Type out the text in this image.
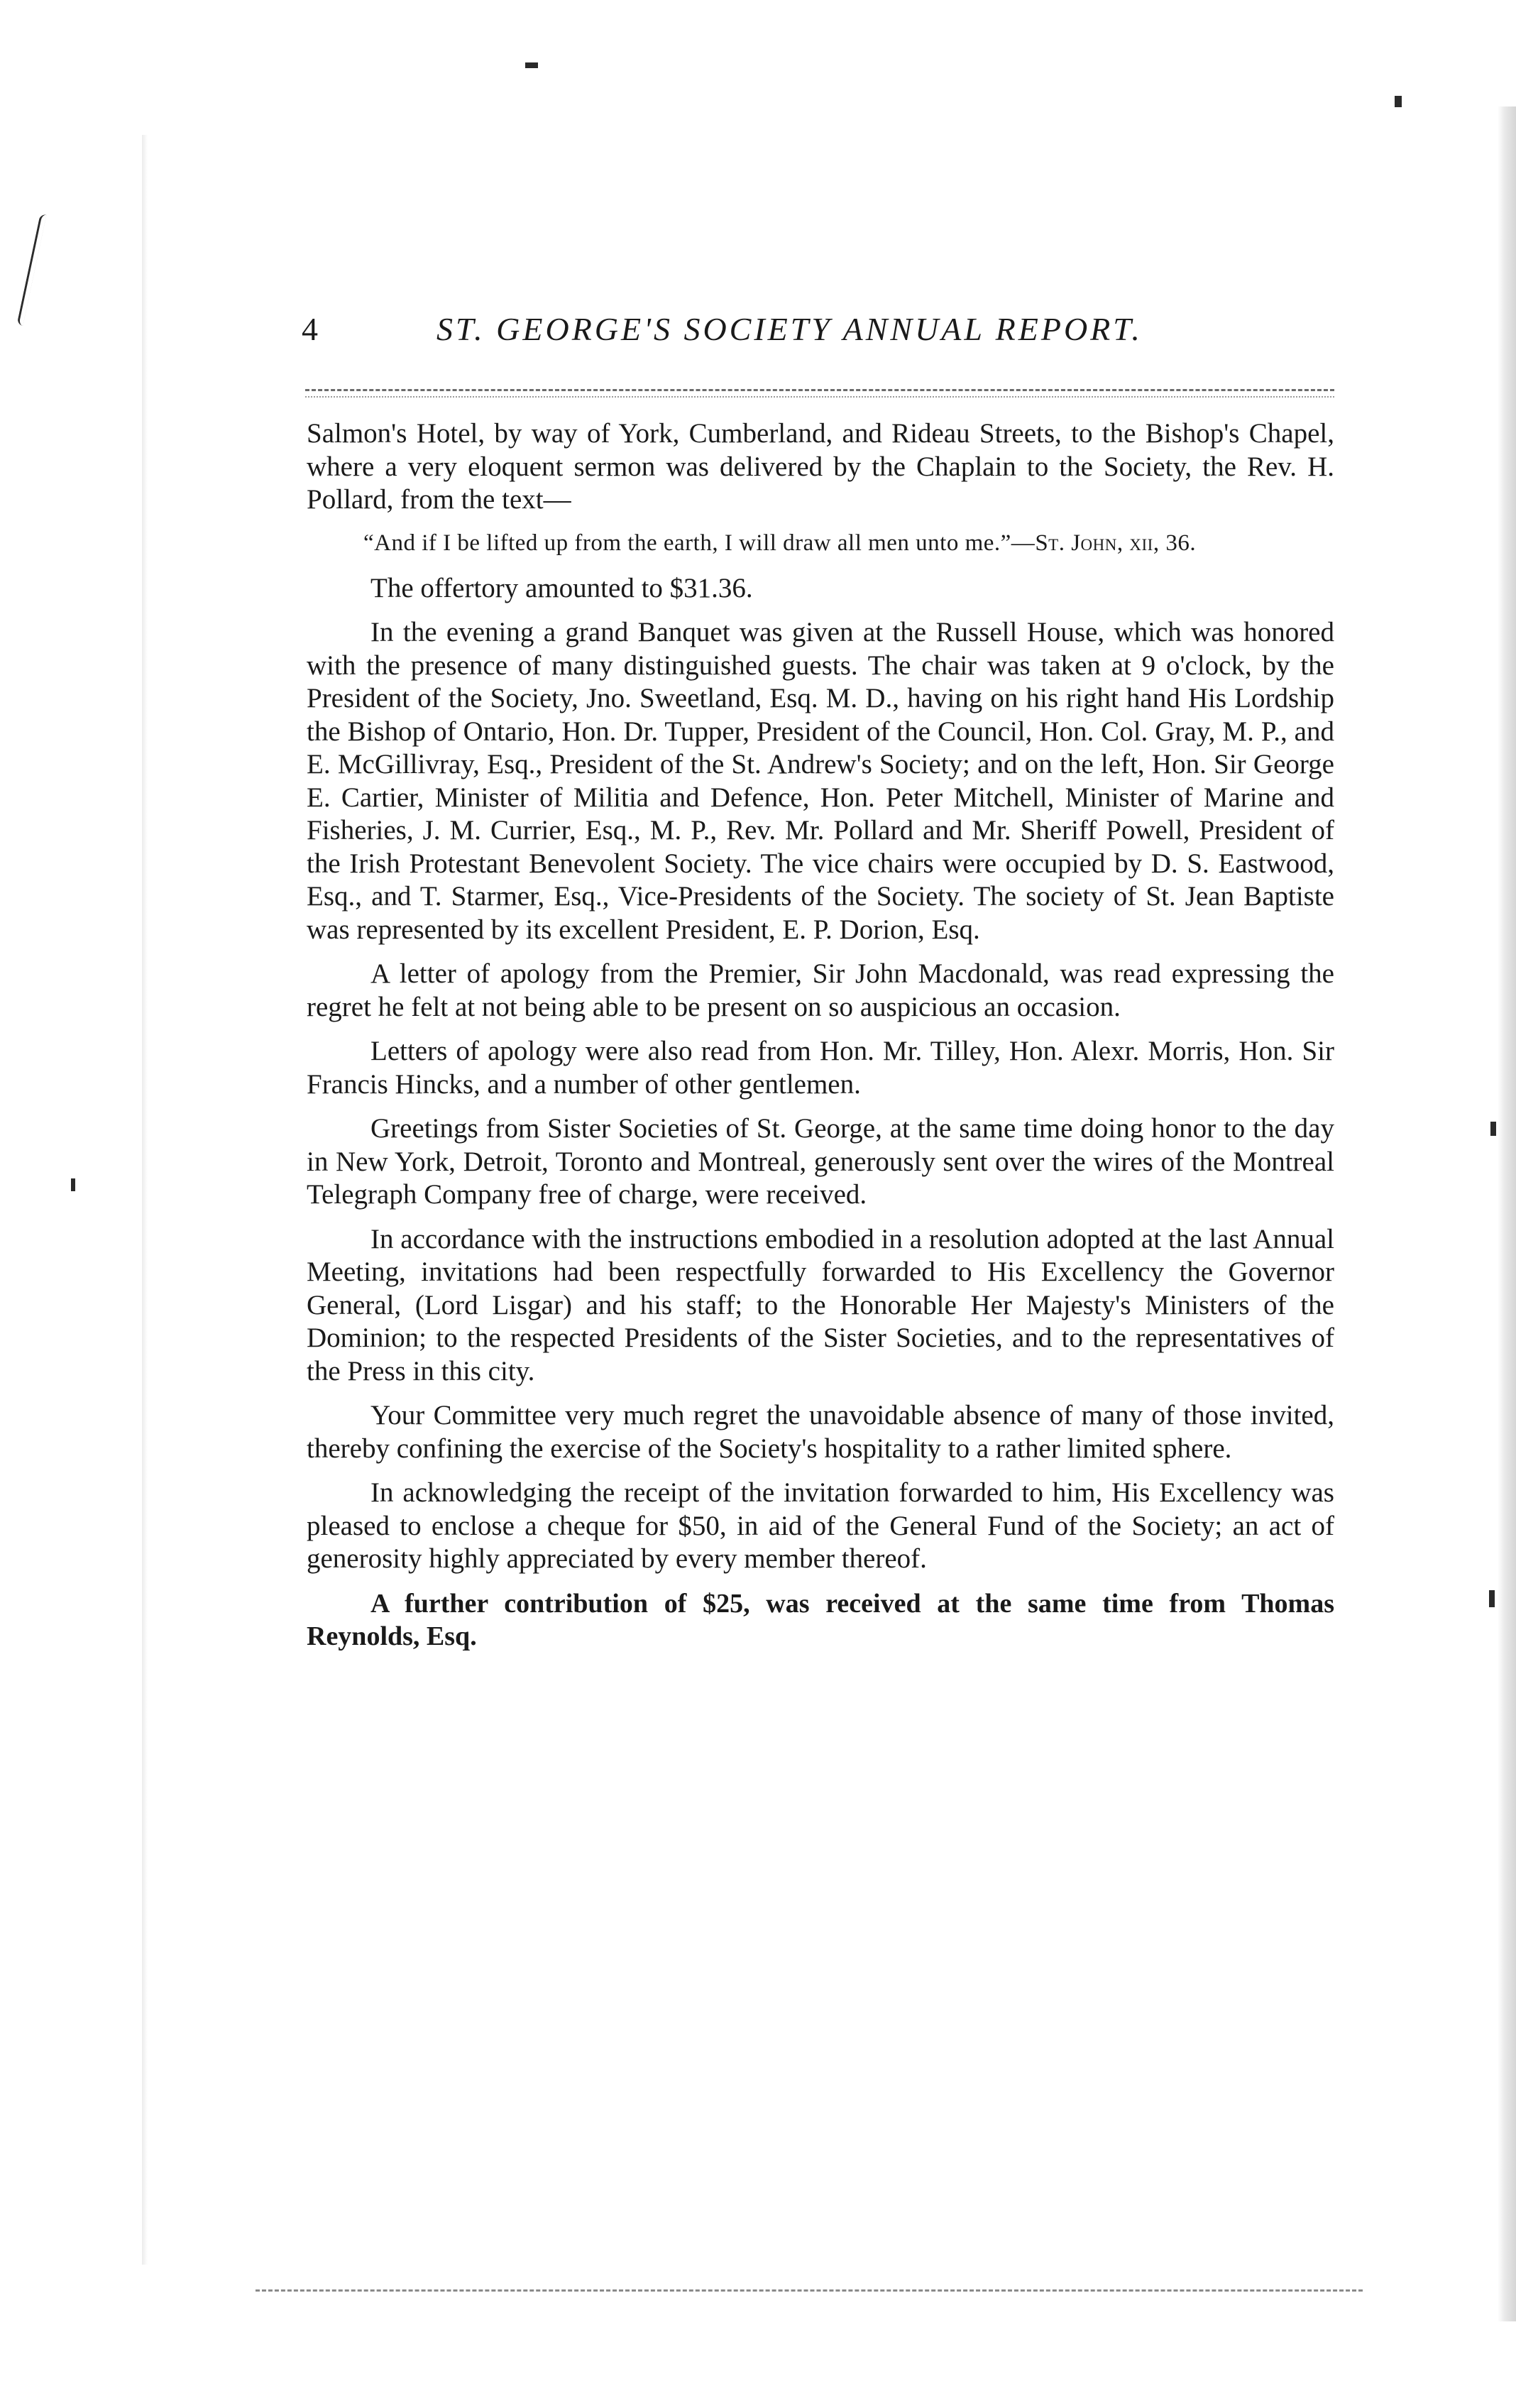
4	ST. GEORGE'S SOCIETY ANNUAL REPORT.

Salmon's Hotel, by way of York, Cumberland, and Rideau Streets, to the Bishop's Chapel, where a very eloquent sermon was delivered by the Chaplain to the Society, the Rev. H. Pollard, from the text—

“And if I be lifted up from the earth, I will draw all men unto me.”—St. John, xii, 36.

The offertory amounted to $31.36.

In the evening a grand Banquet was given at the Russell House, which was honored with the presence of many distinguished guests. The chair was taken at 9 o'clock, by the President of the Society, Jno. Sweetland, Esq. M. D., having on his right hand His Lordship the Bishop of Ontario, Hon. Dr. Tupper, President of the Council, Hon. Col. Gray, M. P., and E. McGillivray, Esq., President of the St. Andrew's Society; and on the left, Hon. Sir George E. Cartier, Minister of Militia and Defence, Hon. Peter Mitchell, Minister of Marine and Fisheries, J. M. Currier, Esq., M. P., Rev. Mr. Pollard and Mr. Sheriff Powell, President of the Irish Protestant Benevolent Society. The vice chairs were occupied by D. S. Eastwood, Esq., and T. Starmer, Esq., Vice-Presidents of the Society. The society of St. Jean Baptiste was represented by its excellent President, E. P. Dorion, Esq.

A letter of apology from the Premier, Sir John Macdonald, was read expressing the regret he felt at not being able to be present on so auspicious an occasion.

Letters of apology were also read from Hon. Mr. Tilley, Hon. Alexr. Morris, Hon. Sir Francis Hincks, and a number of other gentlemen.

Greetings from Sister Societies of St. George, at the same time doing honor to the day in New York, Detroit, Toronto and Montreal, generously sent over the wires of the Montreal Telegraph Company free of charge, were received.

In accordance with the instructions embodied in a resolution adopted at the last Annual Meeting, invitations had been respectfully forwarded to His Excellency the Governor General, (Lord Lisgar) and his staff; to the Honorable Her Majesty's Ministers of the Dominion; to the respected Presidents of the Sister Societies, and to the representatives of the Press in this city.

Your Committee very much regret the unavoidable absence of many of those invited, thereby confining the exercise of the Society's hospitality to a rather limited sphere.

In acknowledging the receipt of the invitation forwarded to him, His Excellency was pleased to enclose a cheque for $50, in aid of the General Fund of the Society; an act of generosity highly appreciated by every member thereof.

A further contribution of $25, was received at the same time from Thomas Reynolds, Esq.
